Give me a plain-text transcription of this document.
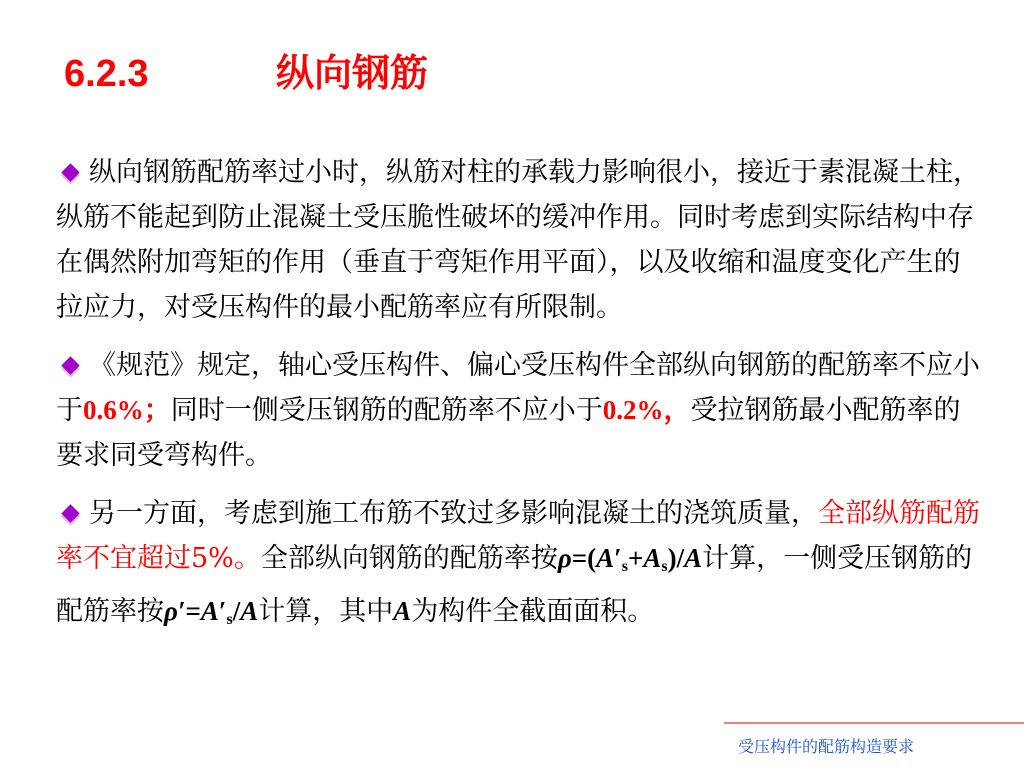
6.2.3	纵向钢筋

纵向钢筋配筋率过小时，纵筋对柱的承载力影响很小，接近于素混凝土柱，纵筋不能起到防止混凝土受压脆性破坏的缓冲作用。同时考虑到实际结构中存在偶然附加弯矩的作用（垂直于弯矩作用平面），以及收缩和温度变化产生的拉应力，对受压构件的最小配筋率应有所限制。

《规范》规定，轴心受压构件、偏心受压构件全部纵向钢筋的配筋率不应小于0.6%；同时一侧受压钢筋的配筋率不应小于0.2%，受拉钢筋最小配筋率的要求同受弯构件。

另一方面，考虑到施工布筋不致过多影响混凝土的浇筑质量，全部纵筋配筋率不宜超过5%。全部纵向钢筋的配筋率按$\rho=(A'_s+A_s)/A$计算，一侧受压钢筋的配筋率按$\rho'=A'_s/A$计算，其中A为构件全截面面积。

受压构件的配筋构造要求
